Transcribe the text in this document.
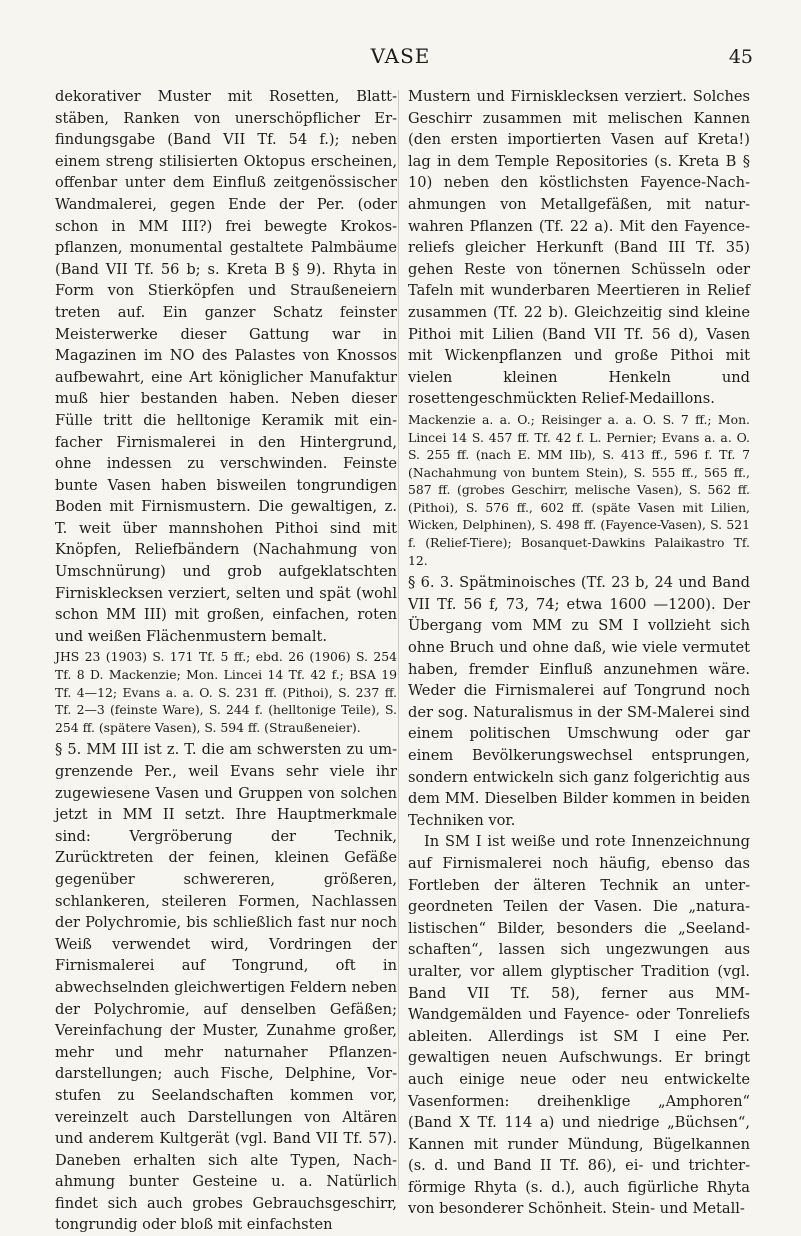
VASE	45

dekorativer Muster mit Rosetten, Blattstäben, Ranken von unerschöpflicher Erfindungsgabe (Band VII Tf. 54 f.); neben einem streng stilisierten Oktopus erscheinen, offenbar unter dem Einfluß zeitgenössischer Wandmalerei, gegen Ende der Per. (oder schon in MM III?) frei bewegte Krokospflanzen, monumental gestaltete Palmbäume (Band VII Tf. 56 b; s. Kreta B § 9). Rhyta in Form von Stierköpfen und Straußeneiern treten auf. Ein ganzer Schatz feinster Meisterwerke dieser Gattung war in Magazinen im NO des Palastes von Knossos aufbewahrt, eine Art königlicher Manufaktur muß hier bestanden haben. Neben dieser Fülle tritt die helltonige Keramik mit einfacher Firnismalerei in den Hintergrund, ohne indessen zu verschwinden. Feinste bunte Vasen haben bisweilen tongrundigen Boden mit Firnismustern. Die gewaltigen, z. T. weit über mannshohen Pithoi sind mit Knöpfen, Reliefbändern (Nachahmung von Umschnürung) und grob aufgeklatschten Firnisklecksen verziert, selten und spät (wohl schon MM III) mit großen, einfachen, roten und weißen Flächenmustern bemalt.

JHS 23 (1903) S. 171 Tf. 5 ff.; ebd. 26 (1906) S. 254 Tf. 8 D. Mackenzie; Mon. Lincei 14 Tf. 42 f.; BSA 19 Tf. 4—12; Evans a. a. O. S. 231 ff. (Pithoi), S. 237 ff. Tf. 2—3 (feinste Ware), S. 244 f. (helltonige Teile), S. 254 ff. (spätere Vasen), S. 594 ff. (Straußeneier).

§ 5. MM III ist z. T. die am schwersten zu umgrenzende Per., weil Evans sehr viele ihr zugewiesene Vasen und Gruppen von solchen jetzt in MM II setzt. Ihre Hauptmerkmale sind: Vergröberung der Technik, Zurücktreten der feinen, kleinen Gefäße gegenüber schwereren, größeren, schlankeren, steileren Formen, Nachlassen der Polychromie, bis schließlich fast nur noch Weiß verwendet wird, Vordringen der Firnismalerei auf Tongrund, oft in abwechselnden gleichwertigen Feldern neben der Polychromie, auf denselben Gefäßen; Vereinfachung der Muster, Zunahme großer, mehr und mehr naturnaher Pflanzendarstellungen; auch Fische, Delphine, Vorstufen zu Seelandschaften kommen vor, vereinzelt auch Darstellungen von Altären und anderem Kultgerät (vgl. Band VII Tf. 57). Daneben erhalten sich alte Typen, Nachahmung bunter Gesteine u. a. Natürlich findet sich auch grobes Gebrauchsgeschirr, tongrundig oder bloß mit einfachsten

Mustern und Firnisklecksen verziert. Solches Geschirr zusammen mit melischen Kannen (den ersten importierten Vasen auf Kreta!) lag in dem Temple Repositories (s. Kreta B § 10) neben den köstlichsten Fayence-Nachahmungen von Metallgefäßen, mit naturwahren Pflanzen (Tf. 22 a). Mit den Fayencereliefs gleicher Herkunft (Band III Tf. 35) gehen Reste von tönernen Schüsseln oder Tafeln mit wunderbaren Meertieren in Relief zusammen (Tf. 22 b). Gleichzeitig sind kleine Pithoi mit Lilien (Band VII Tf. 56 d), Vasen mit Wickenpflanzen und große Pithoi mit vielen kleinen Henkeln und rosettengeschmückten Relief-Medaillons.

Mackenzie a. a. O.; Reisinger a. a. O. S. 7 ff.; Mon. Lincei 14 S. 457 ff. Tf. 42 f. L. Pernier; Evans a. a. O. S. 255 ff. (nach E. MM IIb), S. 413 ff., 596 f. Tf. 7 (Nachahmung von buntem Stein), S. 555 ff., 565 ff., 587 ff. (grobes Geschirr, melische Vasen), S. 562 ff. (Pithoi), S. 576 ff., 602 ff. (späte Vasen mit Lilien, Wicken, Delphinen), S. 498 ff. (Fayence-Vasen), S. 521 f. (Relief-Tiere); Bosanquet-Dawkins Palaikastro Tf. 12.

§ 6. 3. Spätminoisches (Tf. 23 b, 24 und Band VII Tf. 56 f, 73, 74; etwa 1600 —1200). Der Übergang vom MM zu SM I vollzieht sich ohne Bruch und ohne daß, wie viele vermutet haben, fremder Einfluß anzunehmen wäre. Weder die Firnismalerei auf Tongrund noch der sog. Naturalismus in der SM-Malerei sind einem politischen Umschwung oder gar einem Bevölkerungswechsel entsprungen, sondern entwickeln sich ganz folgerichtig aus dem MM. Dieselben Bilder kommen in beiden Techniken vor.

In SM I ist weiße und rote Innenzeichnung auf Firnismalerei noch häufig, ebenso das Fortleben der älteren Technik an untergeordneten Teilen der Vasen. Die „naturalistischen“ Bilder, besonders die „Seelandschaften“, lassen sich ungezwungen aus uralter, vor allem glyptischer Tradition (vgl. Band VII Tf. 58), ferner aus MM-Wandgemälden und Fayence- oder Tonreliefs ableiten. Allerdings ist SM I eine Per. gewaltigen neuen Aufschwungs. Er bringt auch einige neue oder neu entwickelte Vasenformen: dreihenklige „Amphoren“ (Band X Tf. 114 a) und niedrige „Büchsen“, Kannen mit runder Mündung, Bügelkannen (s. d. und Band II Tf. 86), ei- und trichterförmige Rhyta (s. d.), auch figürliche Rhyta von besonderer Schönheit. Stein- und Metall-
